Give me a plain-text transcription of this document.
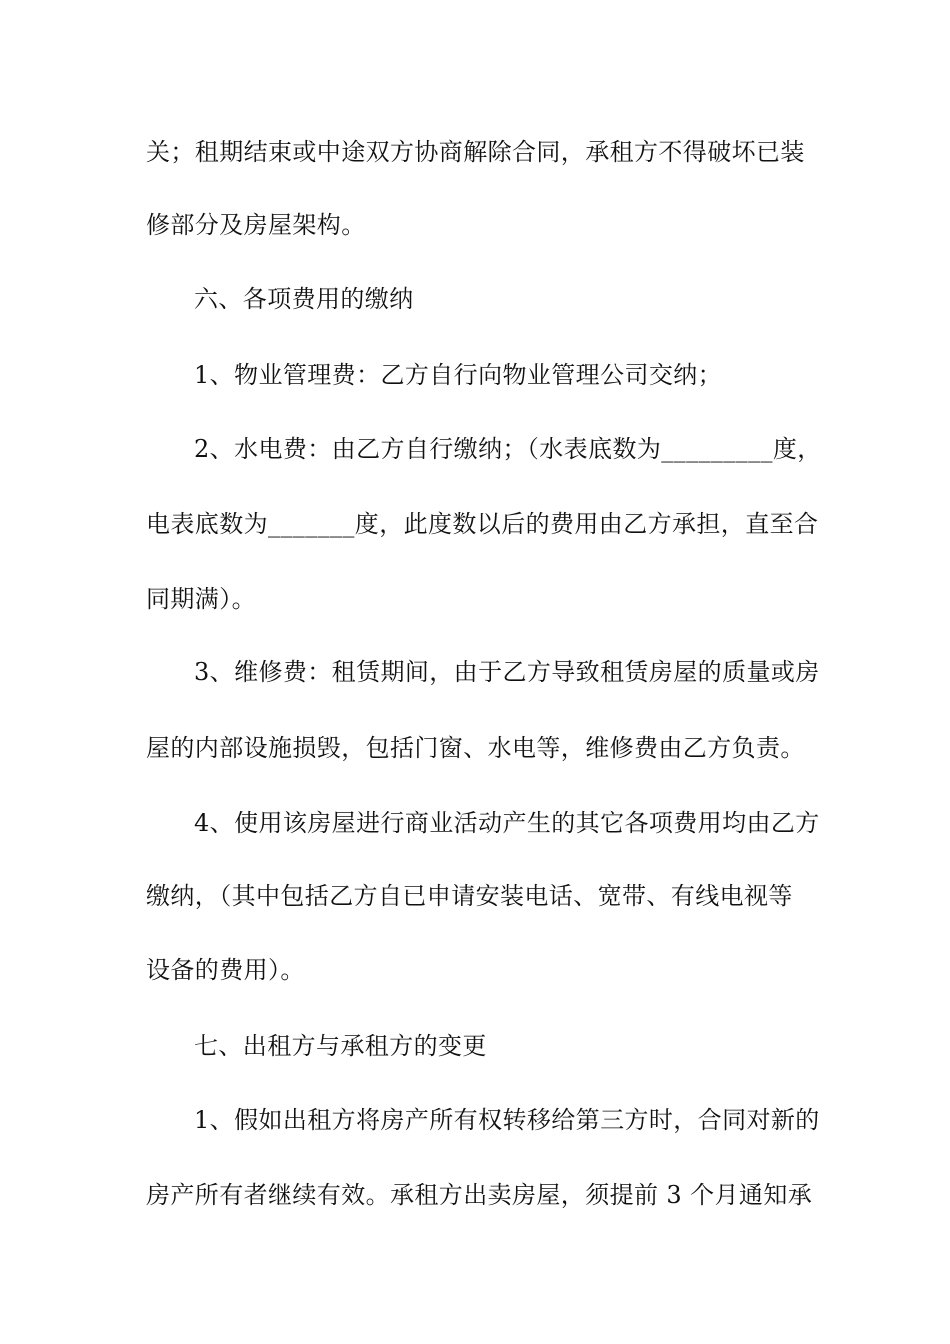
关；租期结束或中途双方协商解除合同，承租方不得破坏已装
修部分及房屋架构。
六、各项费用的缴纳
1、物业管理费：乙方自行向物业管理公司交纳；
2、水电费：由乙方自行缴纳；（水表底数为_________度，
电表底数为_______度，此度数以后的费用由乙方承担，直至合
同期满）。
3、维修费：租赁期间，由于乙方导致租赁房屋的质量或房
屋的内部设施损毁，包括门窗、水电等，维修费由乙方负责。
4、使用该房屋进行商业活动产生的其它各项费用均由乙方
缴纳，（其中包括乙方自已申请安装电话、宽带、有线电视等
设备的费用）。
七、出租方与承租方的变更
1、假如出租方将房产所有权转移给第三方时，合同对新的
房产所有者继续有效。承租方出卖房屋，须提前 3 个月通知承
